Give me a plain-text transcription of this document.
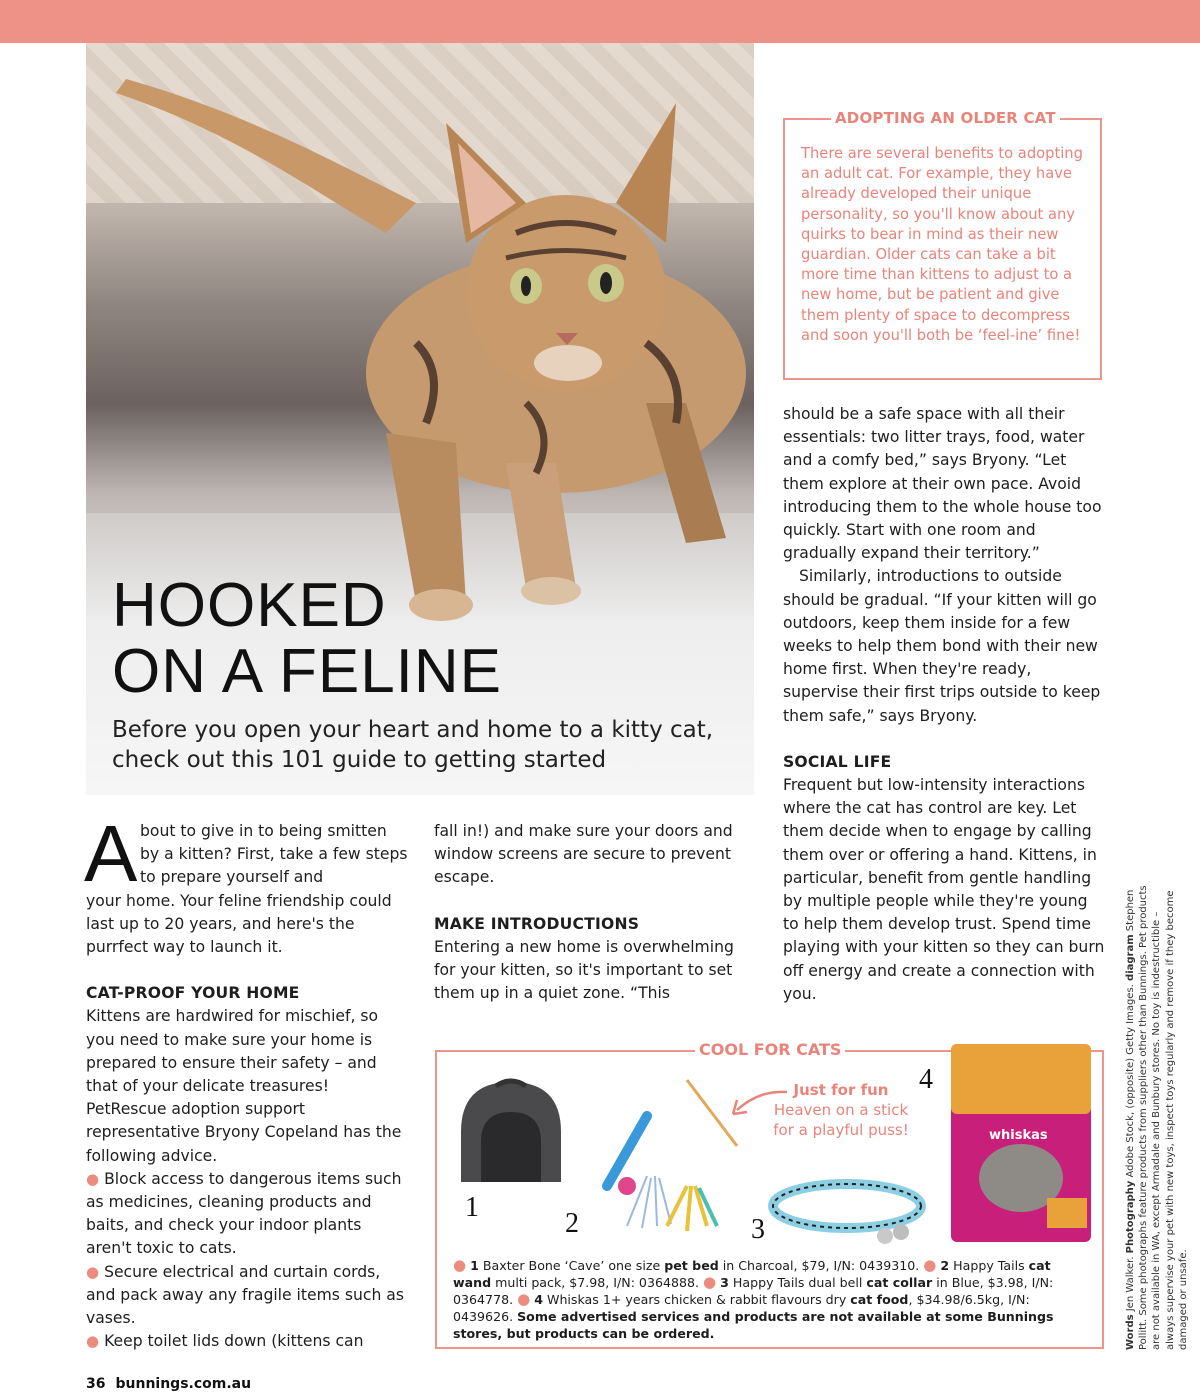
HOOKED
ON A FELINE
Before you open your heart and home to a kitty cat, check out this 101 guide to getting started
ADOPTING AN OLDER CAT
There are several benefits to adopting an adult cat. For example, they have already developed their unique personality, so you'll know about any quirks to bear in mind as their new guardian. Older cats can take a bit more time than kittens to adjust to a new home, but be patient and give them plenty of space to decompress and soon you'll both be ‘feel-ine’ fine!
A bout to give in to being smitten by a kitten? First, take a few steps to prepare yourself and

your home. Your feline friendship could last up to 20 years, and here's the purrfect way to launch it.

CAT-PROOF YOUR HOME

Kittens are hardwired for mischief, so you need to make sure your home is prepared to ensure their safety – and that of your delicate treasures! PetRescue adoption support representative Bryony Copeland has the following advice.

● Block access to dangerous items such as medicines, cleaning products and baits, and check your indoor plants aren't toxic to cats.

● Secure electrical and curtain cords, and pack away any fragile items such as vases.

● Keep toilet lids down (kittens can

fall in!) and make sure your doors and window screens are secure to prevent escape.

MAKE INTRODUCTIONS

Entering a new home is overwhelming for your kitten, so it's important to set them up in a quiet zone. “This

should be a safe space with all their essentials: two litter trays, food, water and a comfy bed,” says Bryony. “Let them explore at their own pace. Avoid introducing them to the whole house too quickly. Start with one room and gradually expand their territory.”

Similarly, introductions to outside should be gradual. “If your kitten will go outdoors, keep them inside for a few weeks to help them bond with their new home first. When they're ready, supervise their first trips outside to keep them safe,” says Bryony.

SOCIAL LIFE

Frequent but low-intensity interactions where the cat has control are key. Let them decide when to engage by calling them over or offering a hand. Kittens, in particular, benefit from gentle handling by multiple people while they're young to help them develop trust. Spend time playing with your kitten so they can burn off energy and create a connection with you.

COOL FOR CATS
1
2
Just for fun
Heaven on a stick for a playful puss!
3
whiskas
4
● 1 Baxter Bone ‘Cave’ one size pet bed in Charcoal, $79, I/N: 0439310. ● 2 Happy Tails cat wand multi pack, $7.98, I/N: 0364888. ● 3 Happy Tails dual bell cat collar in Blue, $3.98, I/N: 0364778. ● 4 Whiskas 1+ years chicken & rabbit flavours dry cat food, $34.98/6.5kg, I/N: 0439626. Some advertised services and products are not available at some Bunnings stores, but products can be ordered.	Words Jen Walker. Photography Adobe Stock, (opposite) Getty Images. diagram Stephen Pollitt. Some photographs feature products from suppliers other than Bunnings. Pet products are not available in WA, except Armadale and Bunbury stores. No toy is indestructible – always supervise your pet with new toys, inspect toys regularly and remove if they become damaged or unsafe.
36 bunnings.com.au
